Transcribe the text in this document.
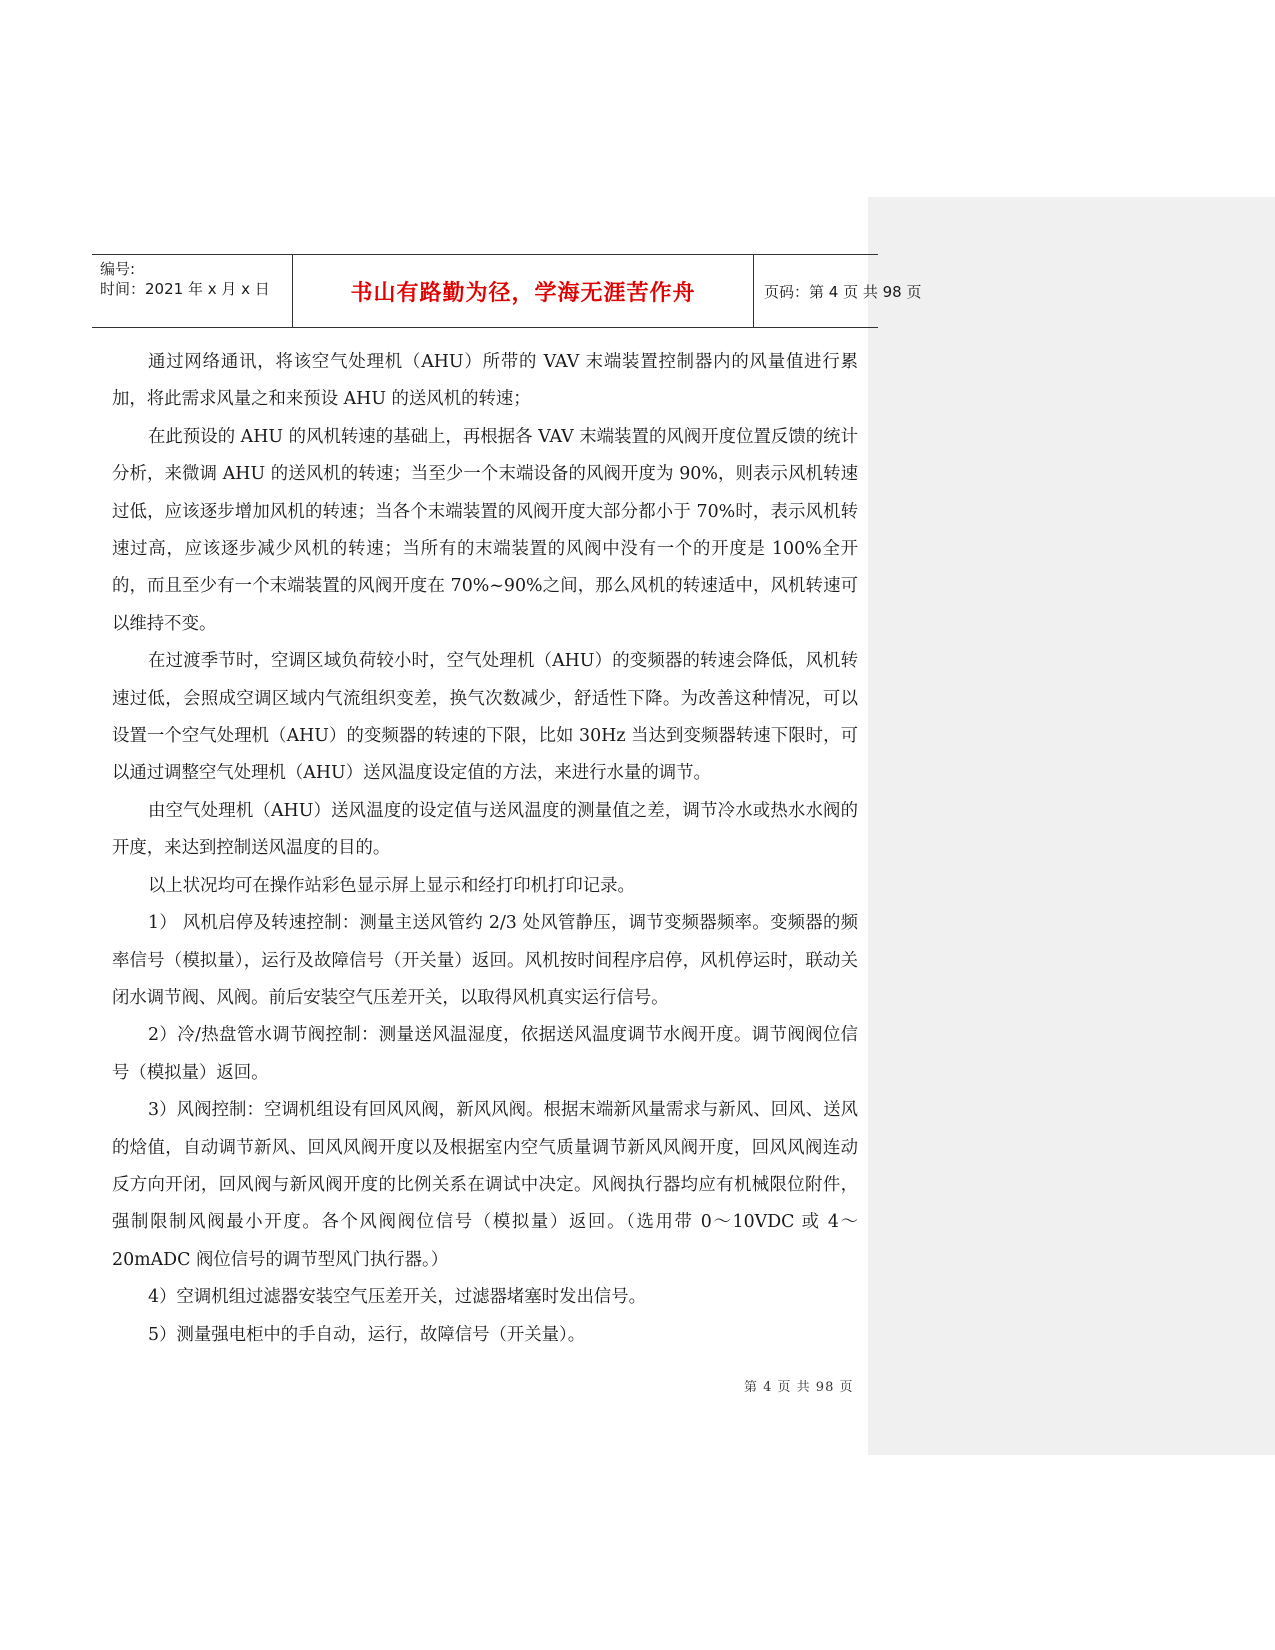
编号:
时间：2021 年 x 月 x 日	书山有路勤为径，学海无涯苦作舟	页码：第 4 页 共 98 页

通过网络通讯，将该空气处理机（AHU）所带的 VAV 末端装置控制器内的风量值进行累加，将此需求风量之和来预设 AHU 的送风机的转速；

在此预设的 AHU 的风机转速的基础上，再根据各 VAV 末端装置的风阀开度位置反馈的统计分析，来微调 AHU 的送风机的转速；当至少一个末端设备的风阀开度为 90%，则表示风机转速过低，应该逐步增加风机的转速；当各个末端装置的风阀开度大部分都小于 70%时，表示风机转速过高，应该逐步减少风机的转速；当所有的末端装置的风阀中没有一个的开度是 100%全开的，而且至少有一个末端装置的风阀开度在 70%~90%之间，那么风机的转速适中，风机转速可以维持不变。

在过渡季节时，空调区域负荷较小时，空气处理机（AHU）的变频器的转速会降低，风机转速过低，会照成空调区域内气流组织变差，换气次数减少，舒适性下降。为改善这种情况，可以设置一个空气处理机（AHU）的变频器的转速的下限，比如 30Hz 当达到变频器转速下限时，可以通过调整空气处理机（AHU）送风温度设定值的方法，来进行水量的调节。

由空气处理机（AHU）送风温度的设定值与送风温度的测量值之差，调节冷水或热水水阀的开度，来达到控制送风温度的目的。

以上状况均可在操作站彩色显示屏上显示和经打印机打印记录。

1） 风机启停及转速控制：测量主送风管约 2/3 处风管静压，调节变频器频率。变频器的频率信号（模拟量），运行及故障信号（开关量）返回。风机按时间程序启停，风机停运时，联动关闭水调节阀、风阀。前后安装空气压差开关，以取得风机真实运行信号。

2）冷/热盘管水调节阀控制：测量送风温湿度，依据送风温度调节水阀开度。调节阀阀位信号（模拟量）返回。

3）风阀控制：空调机组设有回风风阀，新风风阀。根据末端新风量需求与新风、回风、送风的焓值，自动调节新风、回风风阀开度以及根据室内空气质量调节新风风阀开度，回风风阀连动反方向开闭，回风阀与新风阀开度的比例关系在调试中决定。风阀执行器均应有机械限位附件，强制限制风阀最小开度。各个风阀阀位信号（模拟量）返回。（选用带 0～10VDC 或 4～20mADC 阀位信号的调节型风门执行器。）

4）空调机组过滤器安装空气压差开关，过滤器堵塞时发出信号。

5）测量强电柜中的手自动，运行，故障信号（开关量）。

第 4 页 共 98 页
